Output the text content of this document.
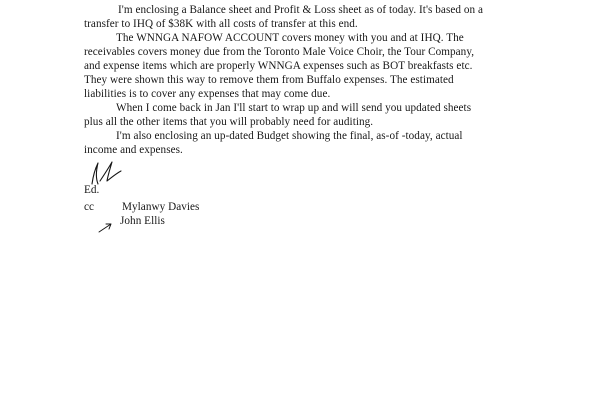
I'm enclosing a Balance sheet and Profit & Loss sheet as of today. It's based on a
transfer to IHQ of $38K with all costs of transfer at this end.
The WNNGA NAFOW ACCOUNT covers money with you and at IHQ. The
receivables covers money due from the Toronto Male Voice Choir, the Tour Company,
and expense items which are properly WNNGA expenses such as BOT breakfasts etc.
They were shown this way to remove them from Buffalo expenses. The estimated
liabilities is to cover any expenses that may come due.
When I come back in Jan I'll start to wrap up and will send you updated sheets
plus all the other items that you will probably need for auditing.
I'm also enclosing an up-dated Budget showing the final, as-of -today, actual
income and expenses.
Ed.
cc Mylanwy Davies
John Ellis
